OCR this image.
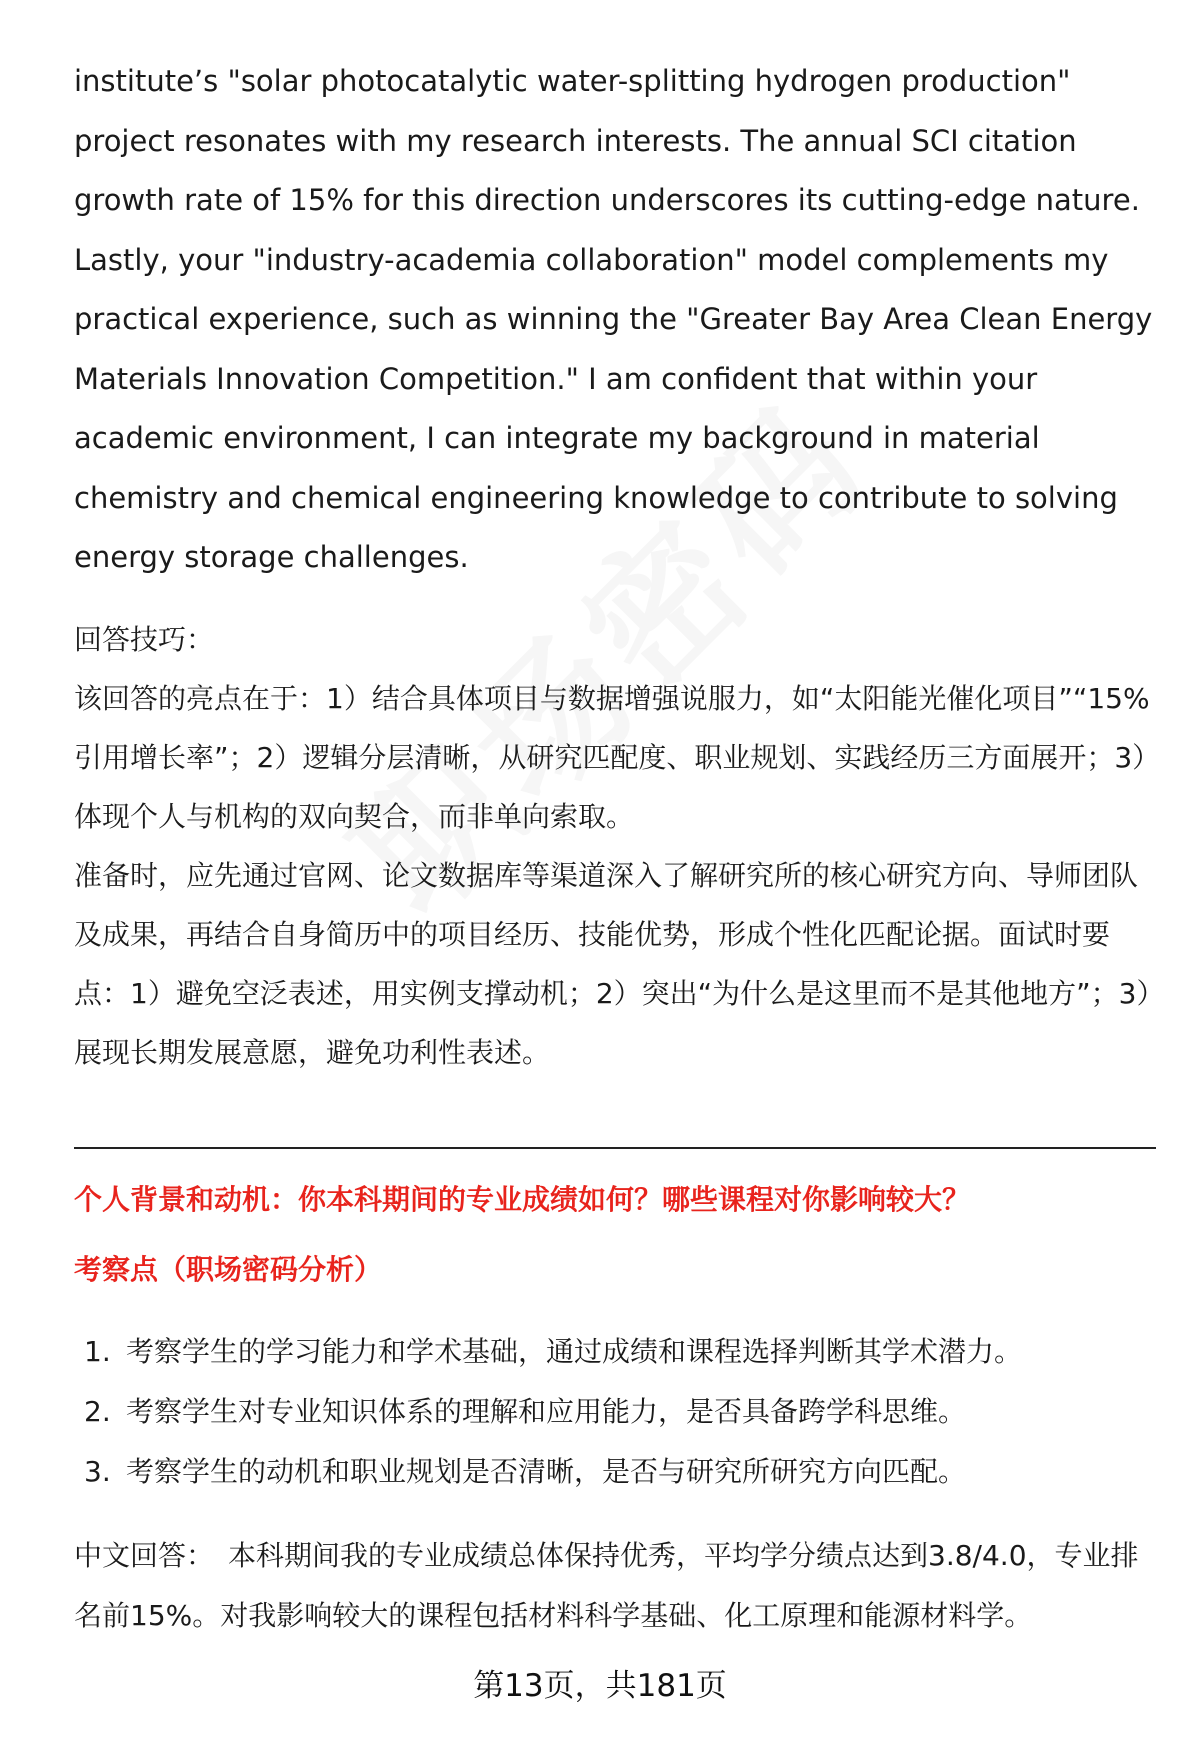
institute’s "solar photocatalytic water-splitting hydrogen production" project resonates with my research interests. The annual SCI citation growth rate of 15% for this direction underscores its cutting-edge nature. Lastly, your "industry-academia collaboration" model complements my practical experience, such as winning the "Greater Bay Area Clean Energy Materials Innovation Competition." I am confident that within your academic environment, I can integrate my background in material chemistry and chemical engineering knowledge to contribute to solving energy storage challenges.

回答技巧：

该回答的亮点在于：1）结合具体项目与数据增强说服力，如“太阳能光催化项目”“15%引用增长率”；2）逻辑分层清晰，从研究匹配度、职业规划、实践经历三方面展开；3）体现个人与机构的双向契合，而非单向索取。

准备时，应先通过官网、论文数据库等渠道深入了解研究所的核心研究方向、导师团队及成果，再结合自身简历中的项目经历、技能优势，形成个性化匹配论据。面试时要点：1）避免空泛表述，用实例支撑动机；2）突出“为什么是这里而不是其他地方”；3）展现长期发展意愿，避免功利性表述。

个人背景和动机：你本科期间的专业成绩如何？哪些课程对你影响较大？

考察点（职场密码分析）

1. 考察学生的学习能力和学术基础，通过成绩和课程选择判断其学术潜力。
2. 考察学生对专业知识体系的理解和应用能力，是否具备跨学科思维。
3. 考察学生的动机和职业规划是否清晰，是否与研究所研究方向匹配。

中文回答： 本科期间我的专业成绩总体保持优秀，平均学分绩点达到3.8/4.0，专业排名前15%。对我影响较大的课程包括材料科学基础、化工原理和能源材料学。

第13页，共181页
